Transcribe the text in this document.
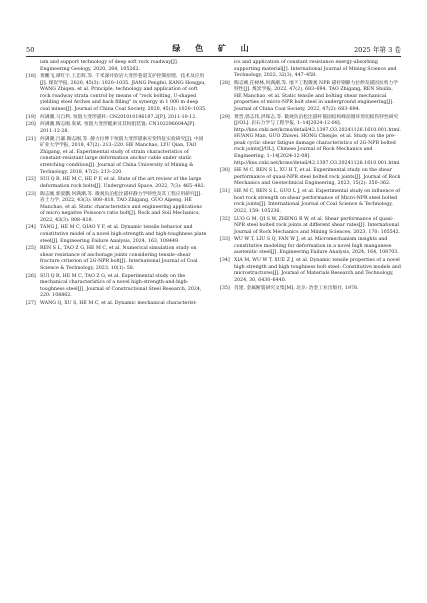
50	绿 色 矿 山	2025 年第 3 卷
ism and support technology of deep soft rock roadway[J]. Engineering Geology, 2020, 264, 105262.
[18] 黄鹏飞,谭红宇,王忠辉,等. 千米深井软岩大变形巷道支护控制原理、技术及应用[J]. 煤炭学报, 2020, 45(3): 1020–1035. JIANG Pengfei, KANG Hongpu, WANG Zhiqen, et al. Principle, technology and application of soft rock roadway strata control by means of "rock bolting, U-shaped yielding steel Arches and back filling" in synergy in 1 000 m deep coal mines[J]. Journal of China Coal Society, 2020, 45(3): 1020–1035.
[19] 何满潮,马自利. 恒阻大变形锚杆: CN201010196197.2[P]. 2011-10-12.
[20] 何满潮,陶志刚,张斌. 恒阻大变形缆索及其恒阻装置: CN102296604A[P]. 2011-12-28.
[21] 何满潮,吕谦,陶志刚,等. 静力拉伸下恒阻大变形锚索应变特征实验研究[J]. 中国矿业大学学报, 2018, 47(2): 213–220. HE Manchao, LYU Qian, TAO Zhigang, et al. Experimental study of strain characteristics of constant-resistant large deformation anchor cable under static stretching condition[J]. Journal of China University of Mining & Technology, 2018, 47(2): 213–220.
[22] SUI Q R, HE M C, HE P F, et al. State of the art review of the large deformation rock bolts[J]. Underground Space, 2022, 7(3): 465–482.
[23] 陶志刚,郭爱鹏,何满潮,等. 微观负泊松比锚杆静力学特性及其工程应用研究[J]. 岩土力学, 2022, 43(3): 808–818. TAO Zhigang, GUO Aipeng, HE Manchao, et al. Static characteristics and engineering applications of micro negative Poisson's ratio bolt[J]. Rock and Soil Mechanics, 2022, 43(3): 808–818.
[24] TANG J, HE M C, QIAO Y F, et al. Dynamic tensile behavior and constitutive model of a novel high-strength and high-toughness plate steel[J]. Engineering Failure Analysis, 2024, 163, 108449.
[25] REN S L, TAO Z G, HE M C, et al. Numerical simulation study on shear resistance of anchorage joints considering tensile–shear fracture criterion of 2G-NPR bolt[J]. International Journal of Coal Science & Technology, 2023, 10(1): 58.
[26] SUI Q R, HE M C, TAO Z G, et al. Experimental study on the mechanical characteristics of a novel high-strength-and-high-toughness steel[J]. Journal of Constructional Steel Research, 2024, 220: 108862.
[27] WANG Q, XU S, HE M C, et al. Dynamic mechanical characterist-
ics and application of constant resistance energy-absorbing supporting material[J]. International Journal of Mining Science and Technology, 2022, 32(3), 447–458.
[28] 陶志刚,任树林,何满潮,等. 地下工程微观 NPR 锚杆钢静力拉伸及锚固抗剪力学特性[J]. 煤炭学报, 2022, 47(2), 683–694. TAO Zhigang, REN Shulin, HE Manchao, et al. Static tensile and bolting shear mechanical properties of micro-NPR bolt steel in underground engineering[J]. Journal of China Coal Society, 2022, 47(2): 683–694.
[29] 黄晋,郭志伟,洪琛志,等. 微观负泊松比锚杆锚固结构峰前循环剪切损伤特性研究[J/OL]. 岩石力学与工程学报, 1–14[2024-12-08]. http://kns.cnki.net/kcms/detail/42.1397.O3.20241126.1610.001.html. HUANG Man, GUO Zhiwei, HONG Chenjie, et al. Study on the pre-peak cyclic shear fatigue damage characteristics of 2G-NPR bolted rock joints[J/OL]. Chinese Journal of Rock Mechanics and Engineering, 1–14[2024-12-08]. http://kns.cnki.net/kcms/detail/42.1397.O3.20241126.1610.001.html
[30] HE M C, REN S L, XU H T, et al. Experimental study on the shear performance of quasi-NPR steel bolted rock joints[J]. Journal of Rock Mechanics and Geotechnical Engineering, 2023, 15(2): 350–362.
[31] HE M C, REN S L, GUO L J, et al. Experimental study on influence of host rock strength on shear performance of Micro-NPR steel bolted rock joints[J]. International Journal of Coal Science & Technology, 2022, 159: 105236.
[32] LUO G M, QI S W, ZHENG B W, et al. Shear performance of quasi-NPR steel bolted rock joints at different shear rates[J]. International Journal of Rock Mechanics and Mining Sciences, 2023, 170: 105542.
[33] WU W T, LIU S Q, FAN W J, et al. Micromechanism insights and constitutive modeling for deformation in a novel high manganese austenitic steel[J]. Engineering Failure Analysis, 2024, 164, 108703.
[34] XIA M, WU W T, XUE Z J, et al. Dynamic tensile properties of a novel high strength and high toughness bolt steel: Constitutive models and microstructures[J]. Journal of Materials Research and Technology, 2024, 30, 6430–6440.
[35] 肖建. 金属断裂研究文集[M]. 北京: 冶金工业出版社, 1978.
